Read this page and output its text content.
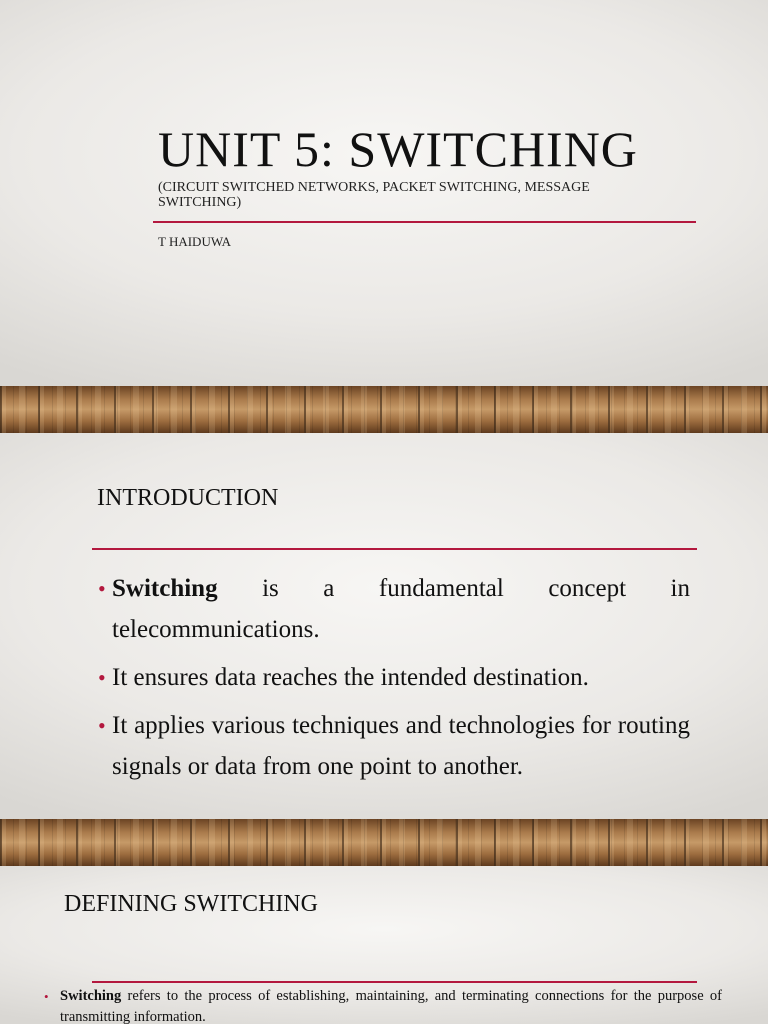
UNIT 5: SWITCHING

(CIRCUIT SWITCHED NETWORKS, PACKET SWITCHING, MESSAGE SWITCHING)

T HAIDUWA

INTRODUCTION
• Switching is a fundamental concept in telecommunications.
• It ensures data reaches the intended destination.
• It applies various techniques and technologies for routing signals or data from one point to another.
DEFINING SWITCHING
• Switching refers to the process of establishing, maintaining, and terminating connections for the purpose of transmitting information.
